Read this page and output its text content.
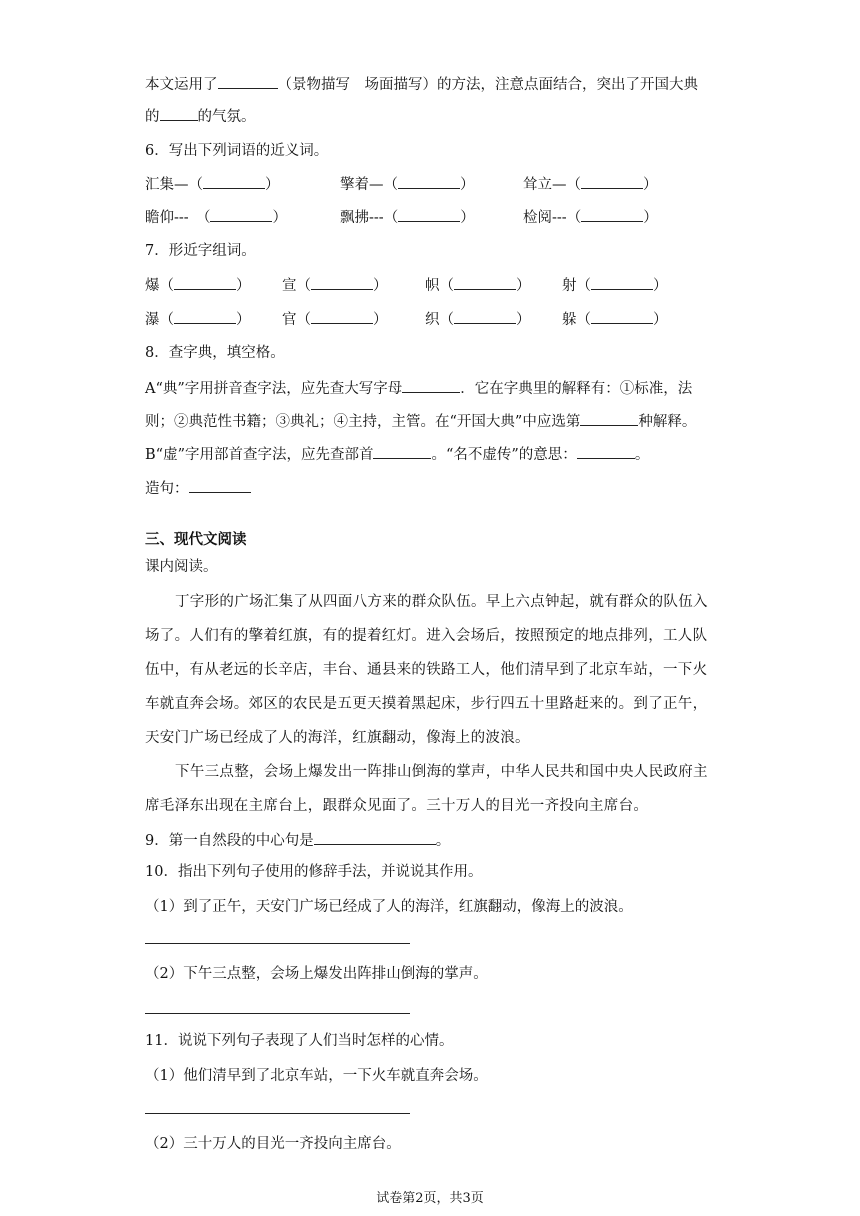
本文运用了	（景物描写　场面描写）的方法，注意点面结合，突出了开国大典
的	的气氛。
6．写出下列词语的近义词。
汇集—（	）	擎着—（	）	耸立—（	）
瞻仰---　（	）	飘拂---（	）	检阅---（	）
7．形近字组词。
爆（	） 宣（	）	帜（	） 射（	）
瀑（	） 官（	）	织（	） 躲（	）
8．查字典，填空格。
A“典”字用拼音查字法，应先查大写字母	．它在字典里的解释有：①标准，法
则；②典范性书籍；③典礼；④主持，主管。在“开国大典”中应选第	种解释。
B“虚”字用部首查字法，应先查部首	。“名不虚传”的意思：	。
造句：
三、现代文阅读
课内阅读。
丁字形的广场汇集了从四面八方来的群众队伍。早上六点钟起，就有群众的队伍入
场了。人们有的擎着红旗，有的提着红灯。进入会场后，按照预定的地点排列，工人队
伍中，有从老远的长辛店，丰台、通县来的铁路工人，他们清早到了北京车站，一下火
车就直奔会场。郊区的农民是五更天摸着黑起床，步行四五十里路赶来的。到了正午，
天安门广场已经成了人的海洋，红旗翻动，像海上的波浪。
下午三点整，会场上爆发出一阵排山倒海的掌声，中华人民共和国中央人民政府主
席毛泽东出现在主席台上，跟群众见面了。三十万人的目光一齐投向主席台。
9．第一自然段的中心句是	。
10．指出下列句子使用的修辞手法，并说说其作用。
（1）到了正午，天安门广场已经成了人的海洋，红旗翻动，像海上的波浪。
（2）下午三点整，会场上爆发出阵排山倒海的掌声。
11．说说下列句子表现了人们当时怎样的心情。
（1）他们清早到了北京车站，一下火车就直奔会场。
（2）三十万人的目光一齐投向主席台。
试卷第2页，共3页
